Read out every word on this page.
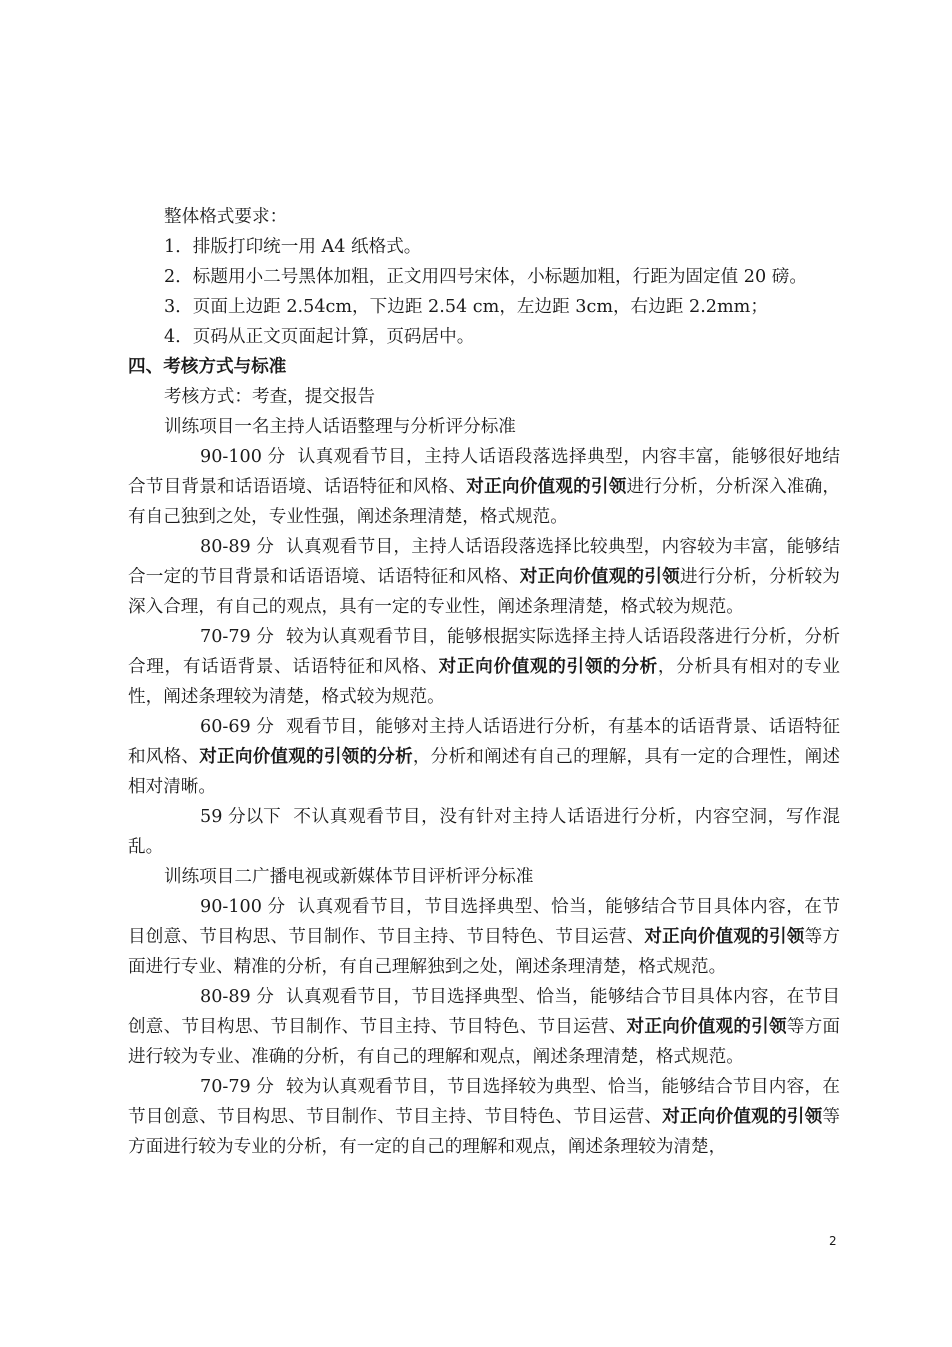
整体格式要求：

1．排版打印统一用 A4 纸格式。

2．标题用小二号黑体加粗，正文用四号宋体，小标题加粗，行距为固定值 20 磅。

3．页面上边距 2.54cm，下边距 2.54 cm，左边距 3cm，右边距 2.2mm；

4．页码从正文页面起计算，页码居中。

四、考核方式与标准

考核方式：考查，提交报告

训练项目一名主持人话语整理与分析评分标准

90-100 分 认真观看节目，主持人话语段落选择典型，内容丰富，能够很好地结合节目背景和话语语境、话语特征和风格、对正向价值观的引领进行分析，分析深入准确，有自己独到之处，专业性强，阐述条理清楚，格式规范。

80-89 分 认真观看节目，主持人话语段落选择比较典型，内容较为丰富，能够结合一定的节目背景和话语语境、话语特征和风格、对正向价值观的引领进行分析，分析较为深入合理，有自己的观点，具有一定的专业性，阐述条理清楚，格式较为规范。

70-79 分 较为认真观看节目，能够根据实际选择主持人话语段落进行分析，分析合理，有话语背景、话语特征和风格、对正向价值观的引领的分析，分析具有相对的专业性，阐述条理较为清楚，格式较为规范。

60-69 分 观看节目，能够对主持人话语进行分析，有基本的话语背景、话语特征和风格、对正向价值观的引领的分析，分析和阐述有自己的理解，具有一定的合理性，阐述相对清晰。

59 分以下 不认真观看节目，没有针对主持人话语进行分析，内容空洞，写作混乱。

训练项目二广播电视或新媒体节目评析评分标准

90-100 分 认真观看节目，节目选择典型、恰当，能够结合节目具体内容，在节目创意、节目构思、节目制作、节目主持、节目特色、节目运营、对正向价值观的引领等方面进行专业、精准的分析，有自己理解独到之处，阐述条理清楚，格式规范。

80-89 分 认真观看节目，节目选择典型、恰当，能够结合节目具体内容，在节目创意、节目构思、节目制作、节目主持、节目特色、节目运营、对正向价值观的引领等方面进行较为专业、准确的分析，有自己的理解和观点，阐述条理清楚，格式规范。

70-79 分 较为认真观看节目，节目选择较为典型、恰当，能够结合节目内容，在节目创意、节目构思、节目制作、节目主持、节目特色、节目运营、对正向价值观的引领等方面进行较为专业的分析，有一定的自己的理解和观点，阐述条理较为清楚，

2
